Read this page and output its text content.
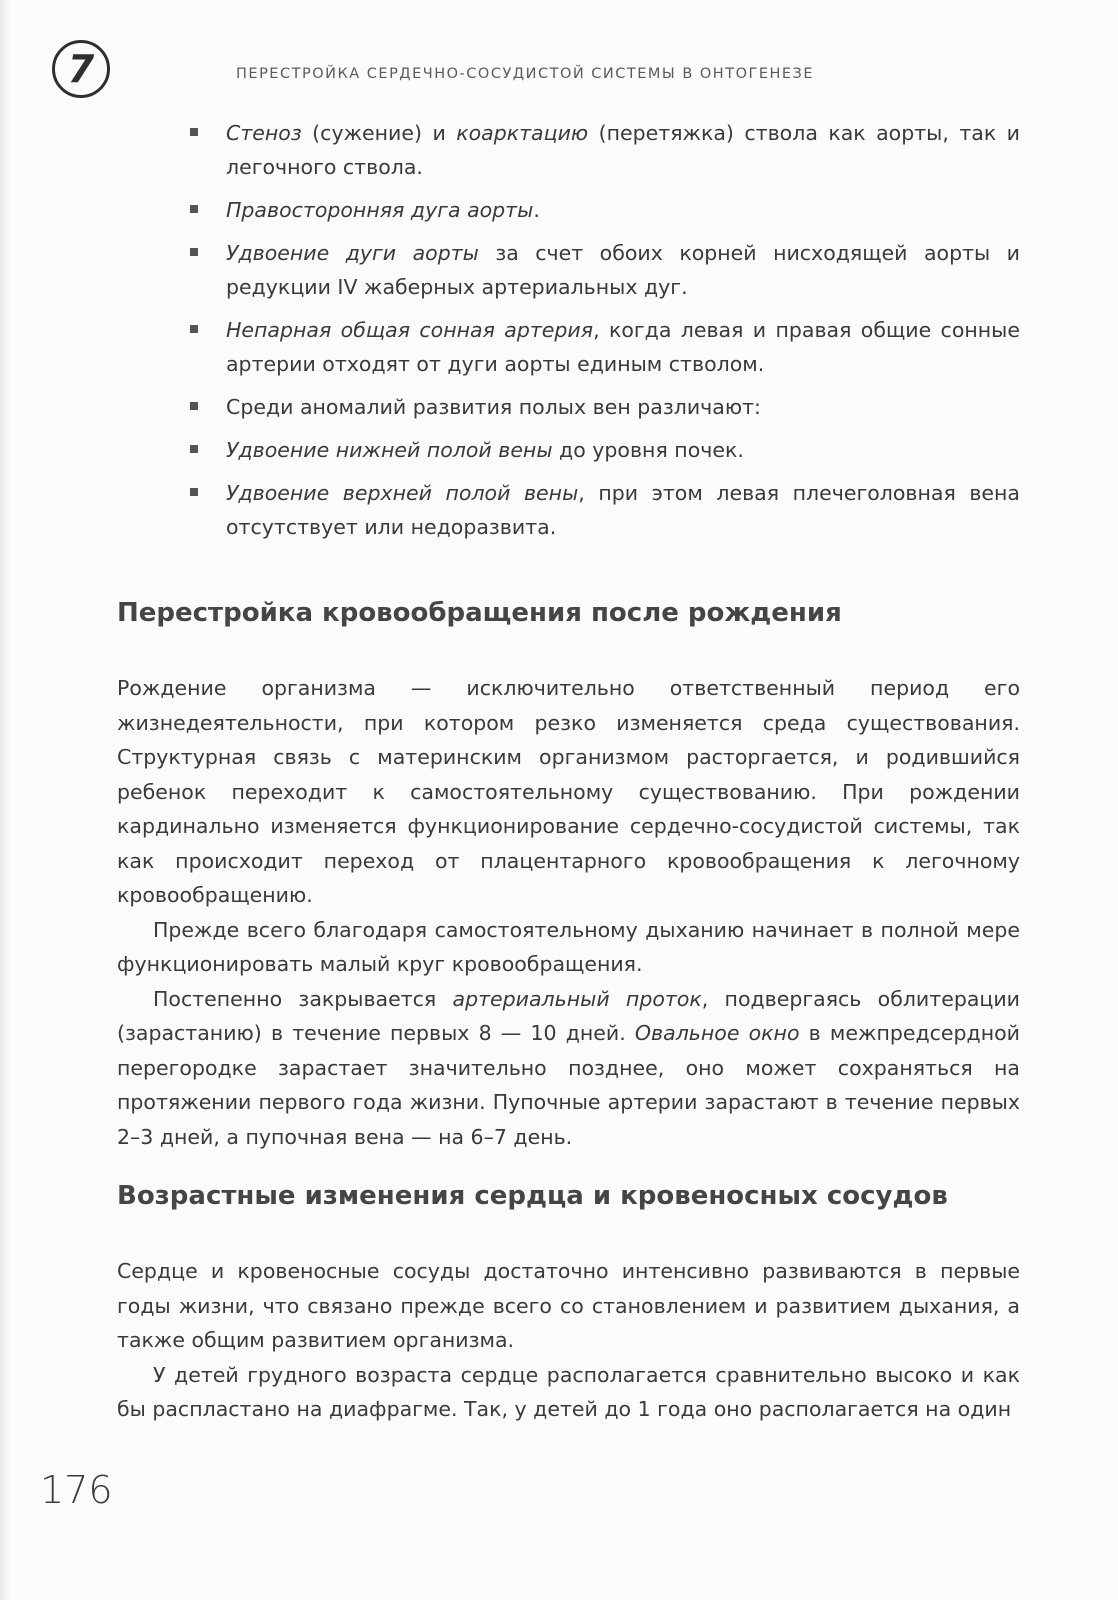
7	ПЕРЕСТРОЙКА СЕРДЕЧНО-СОСУДИСТОЙ СИСТЕМЫ В ОНТОГЕНЕЗЕ
Стеноз (сужение) и коарктацию (перетяжка) ствола как аорты, так и легочного ствола.
Правосторонняя дуга аорты.
Удвоение дуги аорты за счет обоих корней нисходящей аорты и редукции IV жаберных артериальных дуг.
Непарная общая сонная артерия, когда левая и правая общие сонные артерии отходят от дуги аорты единым стволом.
Среди аномалий развития полых вен различают:
Удвоение нижней полой вены до уровня почек.
Удвоение верхней полой вены, при этом левая плечеголовная вена отсутствует или недоразвита.
Перестройка кровообращения после рождения

Рождение организма — исключительно ответственный период его жизнедеятельности, при котором резко изменяется среда существования. Структурная связь с материнским организмом расторгается, и родившийся ребенок переходит к самостоятельному существованию. При рождении кардинально изменяется функционирование сердечно-сосудистой системы, так как происходит переход от плацентарного кровообращения к легочному кровообращению.

Прежде всего благодаря самостоятельному дыханию начинает в полной мере функционировать малый круг кровообращения.

Постепенно закрывается артериальный проток, подвергаясь облитерации (зарастанию) в течение первых 8 — 10 дней. Овальное окно в межпредсердной перегородке зарастает значительно позднее, оно может сохраняться на протяжении первого года жизни. Пупочные артерии зарастают в течение первых 2–3 дней, а пупочная вена — на 6–7 день.

Возрастные изменения сердца и кровеносных сосудов

Сердце и кровеносные сосуды достаточно интенсивно развиваются в первые годы жизни, что связано прежде всего со становлением и развитием дыхания, а также общим развитием организма.

У детей грудного возраста сердце располагается сравнительно высоко и как бы распластано на диафрагме. Так, у детей до 1 года оно располагается на один

176
